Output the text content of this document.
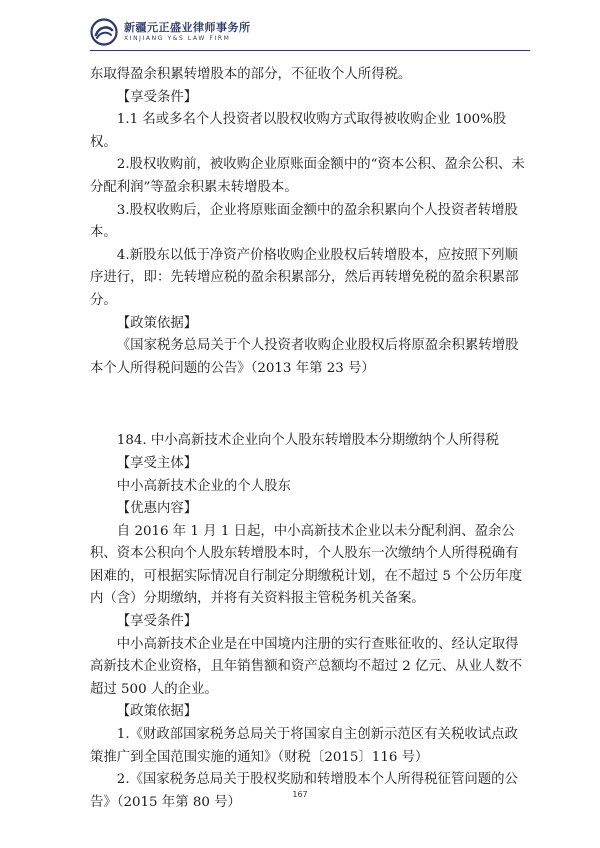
新疆元正盛业律师事务所
XINJIANG Y&S LAW FIRM

东取得盈余积累转增股本的部分，不征收个人所得税。

【享受条件】

1.1 名或多名个人投资者以股权收购方式取得被收购企业 100%股权。

2.股权收购前，被收购企业原账面金额中的“资本公积、盈余公积、未分配利润”等盈余积累未转增股本。

3.股权收购后，企业将原账面金额中的盈余积累向个人投资者转增股本。

4.新股东以低于净资产价格收购企业股权后转增股本，应按照下列顺序进行，即：先转增应税的盈余积累部分，然后再转增免税的盈余积累部分。

【政策依据】

《国家税务总局关于个人投资者收购企业股权后将原盈余积累转增股本个人所得税问题的公告》（2013 年第 23 号）

184. 中小高新技术企业向个人股东转增股本分期缴纳个人所得税

【享受主体】

中小高新技术企业的个人股东

【优惠内容】

自 2016 年 1 月 1 日起，中小高新技术企业以未分配利润、盈余公积、资本公积向个人股东转增股本时，个人股东一次缴纳个人所得税确有困难的，可根据实际情况自行制定分期缴税计划，在不超过 5 个公历年度内（含）分期缴纳，并将有关资料报主管税务机关备案。

【享受条件】

中小高新技术企业是在中国境内注册的实行查账征收的、经认定取得高新技术企业资格，且年销售额和资产总额均不超过 2 亿元、从业人数不超过 500 人的企业。

【政策依据】

1.《财政部国家税务总局关于将国家自主创新示范区有关税收试点政策推广到全国范围实施的通知》（财税〔2015〕116 号）

2.《国家税务总局关于股权奖励和转增股本个人所得税征管问题的公告》（2015 年第 80 号）

167
